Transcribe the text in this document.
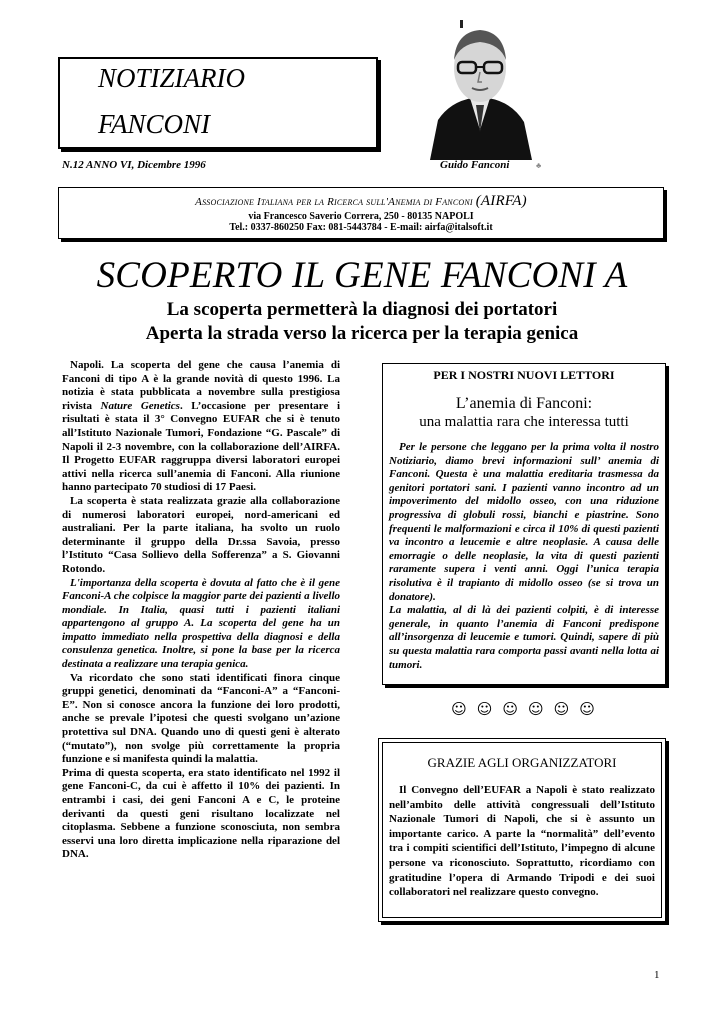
NOTIZIARIO
FANCONI
N.12 ANNO VI, Dicembre 1996	Guido Fanconi	♣
Associazione Italiana per la Ricerca sull'Anemia di Fanconi (AIRFA)
via Francesco Saverio Correra, 250 - 80135 NAPOLI
Tel.: 0337-860250 Fax: 081-5443784 - E-mail: airfa@italsoft.it
SCOPERTO IL GENE FANCONI A
La scoperta permetterà la diagnosi dei portatori
Aperta la strada verso la ricerca per la terapia genica

Napoli. La scoperta del gene che causa l’anemia di Fanconi di tipo A è la grande novità di questo 1996. La notizia è stata pubblicata a novembre sulla prestigiosa rivista Nature Genetics. L’occasione per presentare i risultati è stata il 3° Convegno EUFAR che si è tenuto all’Istituto Nazionale Tumori, Fondazione “G. Pascale” di Napoli il 2-3 novembre, con la collaborazione dell’AIRFA. Il Progetto EUFAR raggruppa diversi laboratori europei attivi nella ricerca sull’anemia di Fanconi. Alla riunione hanno partecipato 70 studiosi di 17 Paesi.

La scoperta è stata realizzata grazie alla collaborazione di numerosi laboratori europei, nord-americani ed australiani. Per la parte italiana, ha svolto un ruolo determinante il gruppo della Dr.ssa Savoia, presso l’Istituto “Casa Sollievo della Sofferenza” a S. Giovanni Rotondo.

L'importanza della scoperta è dovuta al fatto che è il gene Fanconi-A che colpisce la maggior parte dei pazienti a livello mondiale. In Italia, quasi tutti i pazienti italiani appartengono al gruppo A. La scoperta del gene ha un impatto immediato nella prospettiva della diagnosi e della consulenza genetica. Inoltre, si pone la base per la ricerca destinata a realizzare una terapia genica.

Va ricordato che sono stati identificati finora cinque gruppi genetici, denominati da “Fanconi-A” a “Fanconi-E”. Non si conosce ancora la funzione dei loro prodotti, anche se prevale l’ipotesi che questi svolgano un’azione protettiva sul DNA. Quando uno di questi geni è alterato (“mutato”), non svolge più correttamente la propria funzione e si manifesta quindi la malattia.

Prima di questa scoperta, era stato identificato nel 1992 il gene Fanconi-C, da cui è affetto il 10% dei pazienti. In entrambi i casi, dei geni Fanconi A e C, le proteine derivanti da questi geni risultano localizzate nel citoplasma. Sebbene a funzione sconosciuta, non sembra esservi una loro diretta implicazione nella riparazione del DNA.

PER I NOSTRI NUOVI LETTORI
L’anemia di Fanconi:
una malattia rara che interessa tutti

Per le persone che leggano per la prima volta il nostro Notiziario, diamo brevi informazioni sull’ anemia di Fanconi. Questa è una malattia ereditaria trasmessa da genitori portatori sani. I pazienti vanno incontro ad un impoverimento del midollo osseo, con una riduzione progressiva di globuli rossi, bianchi e piastrine. Sono frequenti le malformazioni e circa il 10% di questi pazienti va incontro a leucemie e altre neoplasie. A causa delle emorragie o delle neoplasie, la vita di questi pazienti raramente supera i venti anni. Oggi l’unica terapia risolutiva è il trapianto di midollo osseo (se si trova un donatore).

La malattia, al di là dei pazienti colpiti, è di interesse generale, in quanto l’anemia di Fanconi predispone all’insorgenza di leucemie e tumori. Quindi, sapere di più su questa malattia rara comporta passi avanti nella lotta ai tumori.

☺ ☺ ☺ ☺ ☺ ☺
GRAZIE AGLI ORGANIZZATORI
Il Convegno dell’EUFAR a Napoli è stato realizzato nell’ambito delle attività congressuali dell’Istituto Nazionale Tumori di Napoli, che si è assunto un importante carico. A parte la “normalità” dell’evento tra i compiti scientifici dell’Istituto, l’impegno di alcune persone va riconosciuto. Soprattutto, ricordiamo con gratitudine l’opera di Armando Tripodi e dei suoi collaboratori nel realizzare questo convegno.
1
